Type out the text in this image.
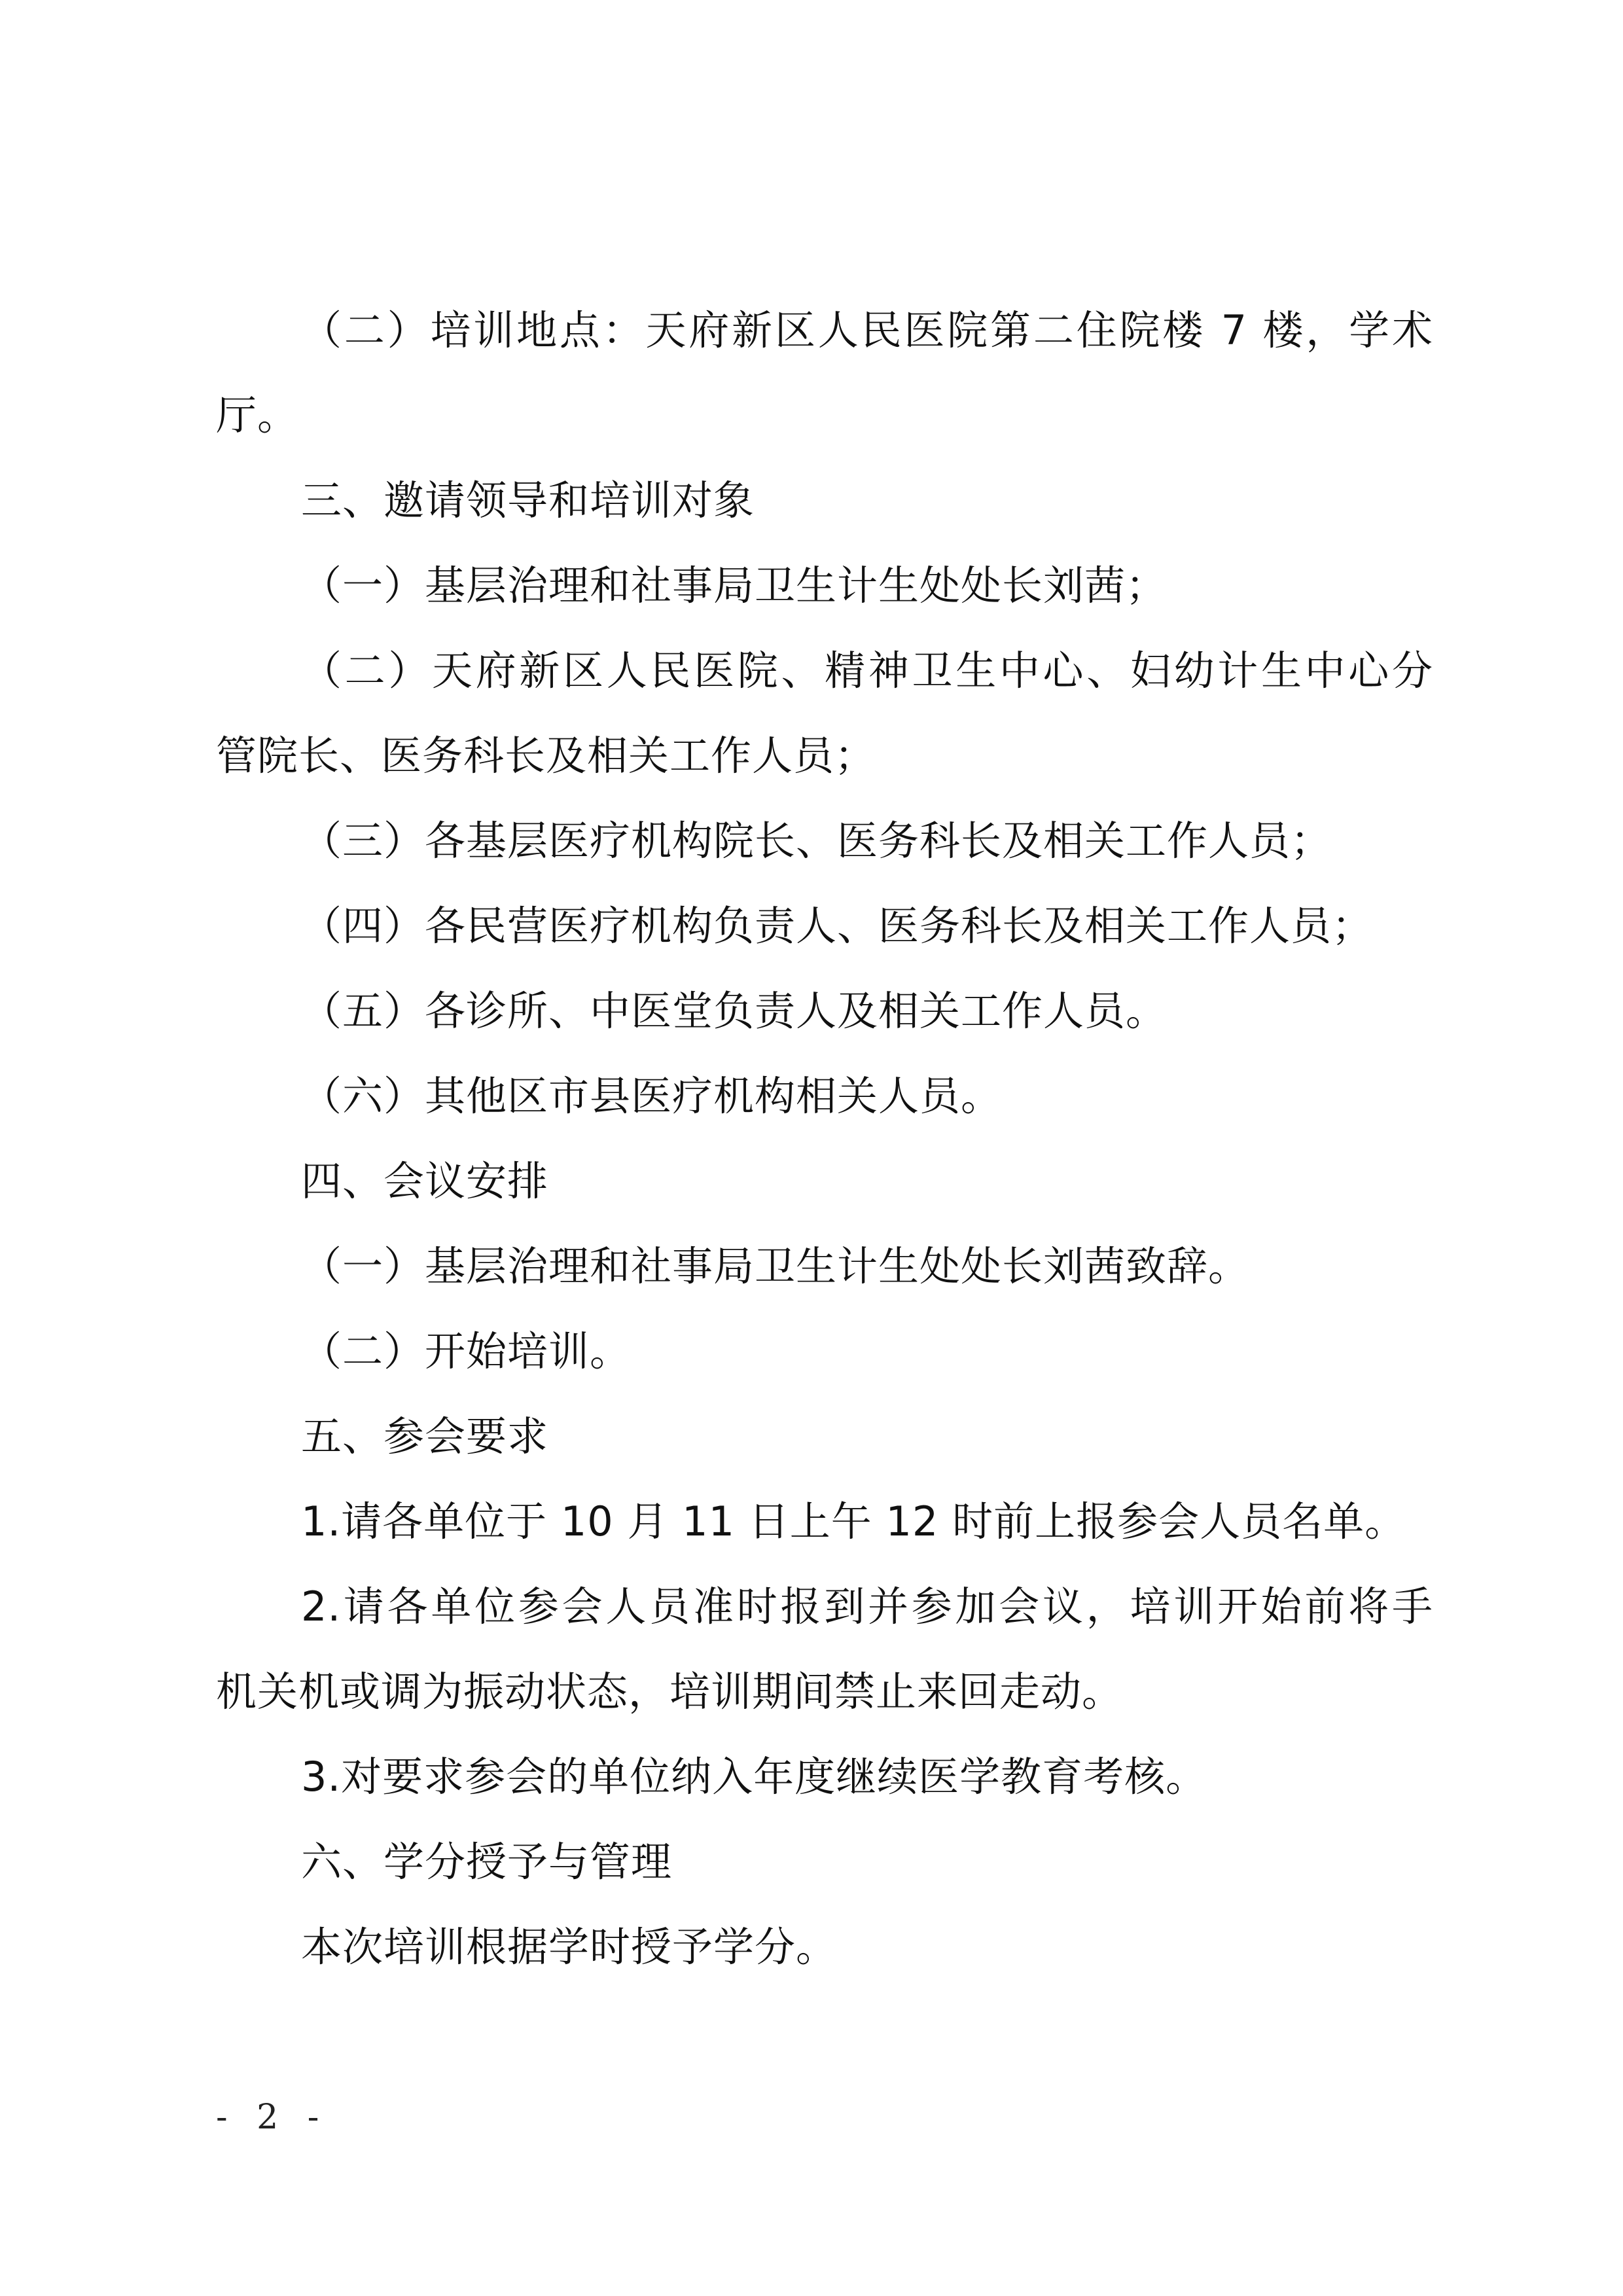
（二）培训地点：天府新区人民医院第二住院楼 7 楼，学术
厅。
三、邀请领导和培训对象
（一）基层治理和社事局卫生计生处处长刘茜；
（二）天府新区人民医院、精神卫生中心、妇幼计生中心分
管院长、医务科长及相关工作人员；
（三）各基层医疗机构院长、医务科长及相关工作人员；
（四）各民营医疗机构负责人、医务科长及相关工作人员；
（五）各诊所、中医堂负责人及相关工作人员。
（六）其他区市县医疗机构相关人员。
四、会议安排
（一）基层治理和社事局卫生计生处处长刘茜致辞。
（二）开始培训。
五、参会要求
1.请各单位于 10 月 11 日上午 12 时前上报参会人员名单。
2.请各单位参会人员准时报到并参加会议，培训开始前将手
机关机或调为振动状态，培训期间禁止来回走动。
3.对要求参会的单位纳入年度继续医学教育考核。
六、学分授予与管理
本次培训根据学时授予学分。
- 2 -
